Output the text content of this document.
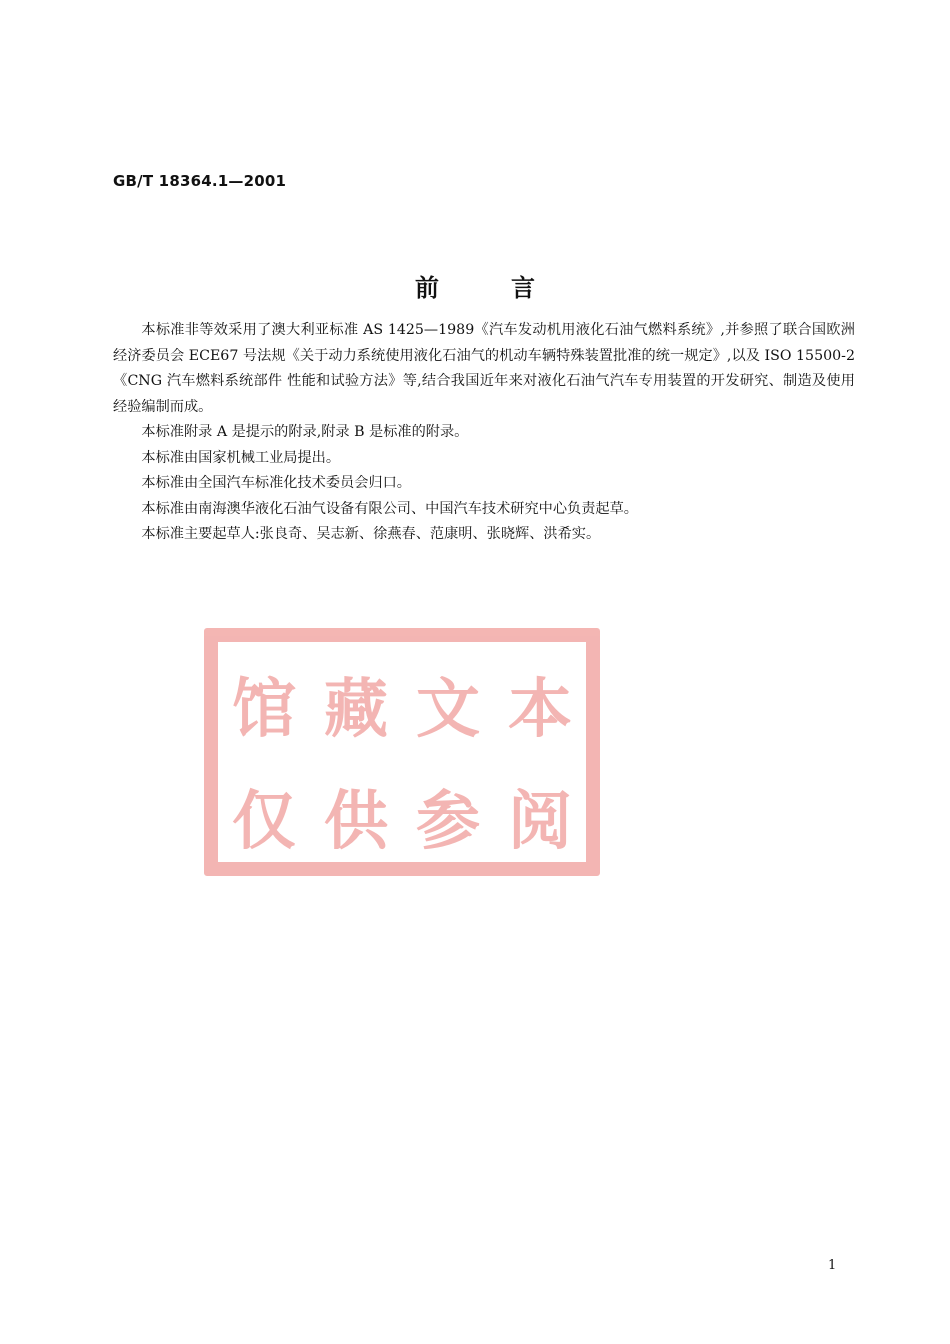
GB/T 18364.1—2001
前	言

本标准非等效采用了澳大利亚标准 AS 1425—1989《汽车发动机用液化石油气燃料系统》,并参照了联合国欧洲经济委员会 ECE67 号法规《关于动力系统使用液化石油气的机动车辆特殊装置批准的统一规定》,以及 ISO 15500-2《CNG 汽车燃料系统部件 性能和试验方法》等,结合我国近年来对液化石油气汽车专用装置的开发研究、制造及使用经验编制而成。

本标准附录 A 是提示的附录,附录 B 是标准的附录。

本标准由国家机械工业局提出。

本标准由全国汽车标准化技术委员会归口。

本标准由南海澳华液化石油气设备有限公司、中国汽车技术研究中心负责起草。

本标准主要起草人:张良奇、吴志新、徐燕春、范康明、张晓辉、洪希实。

馆 藏 文 本
仅 供 参 阅
1
